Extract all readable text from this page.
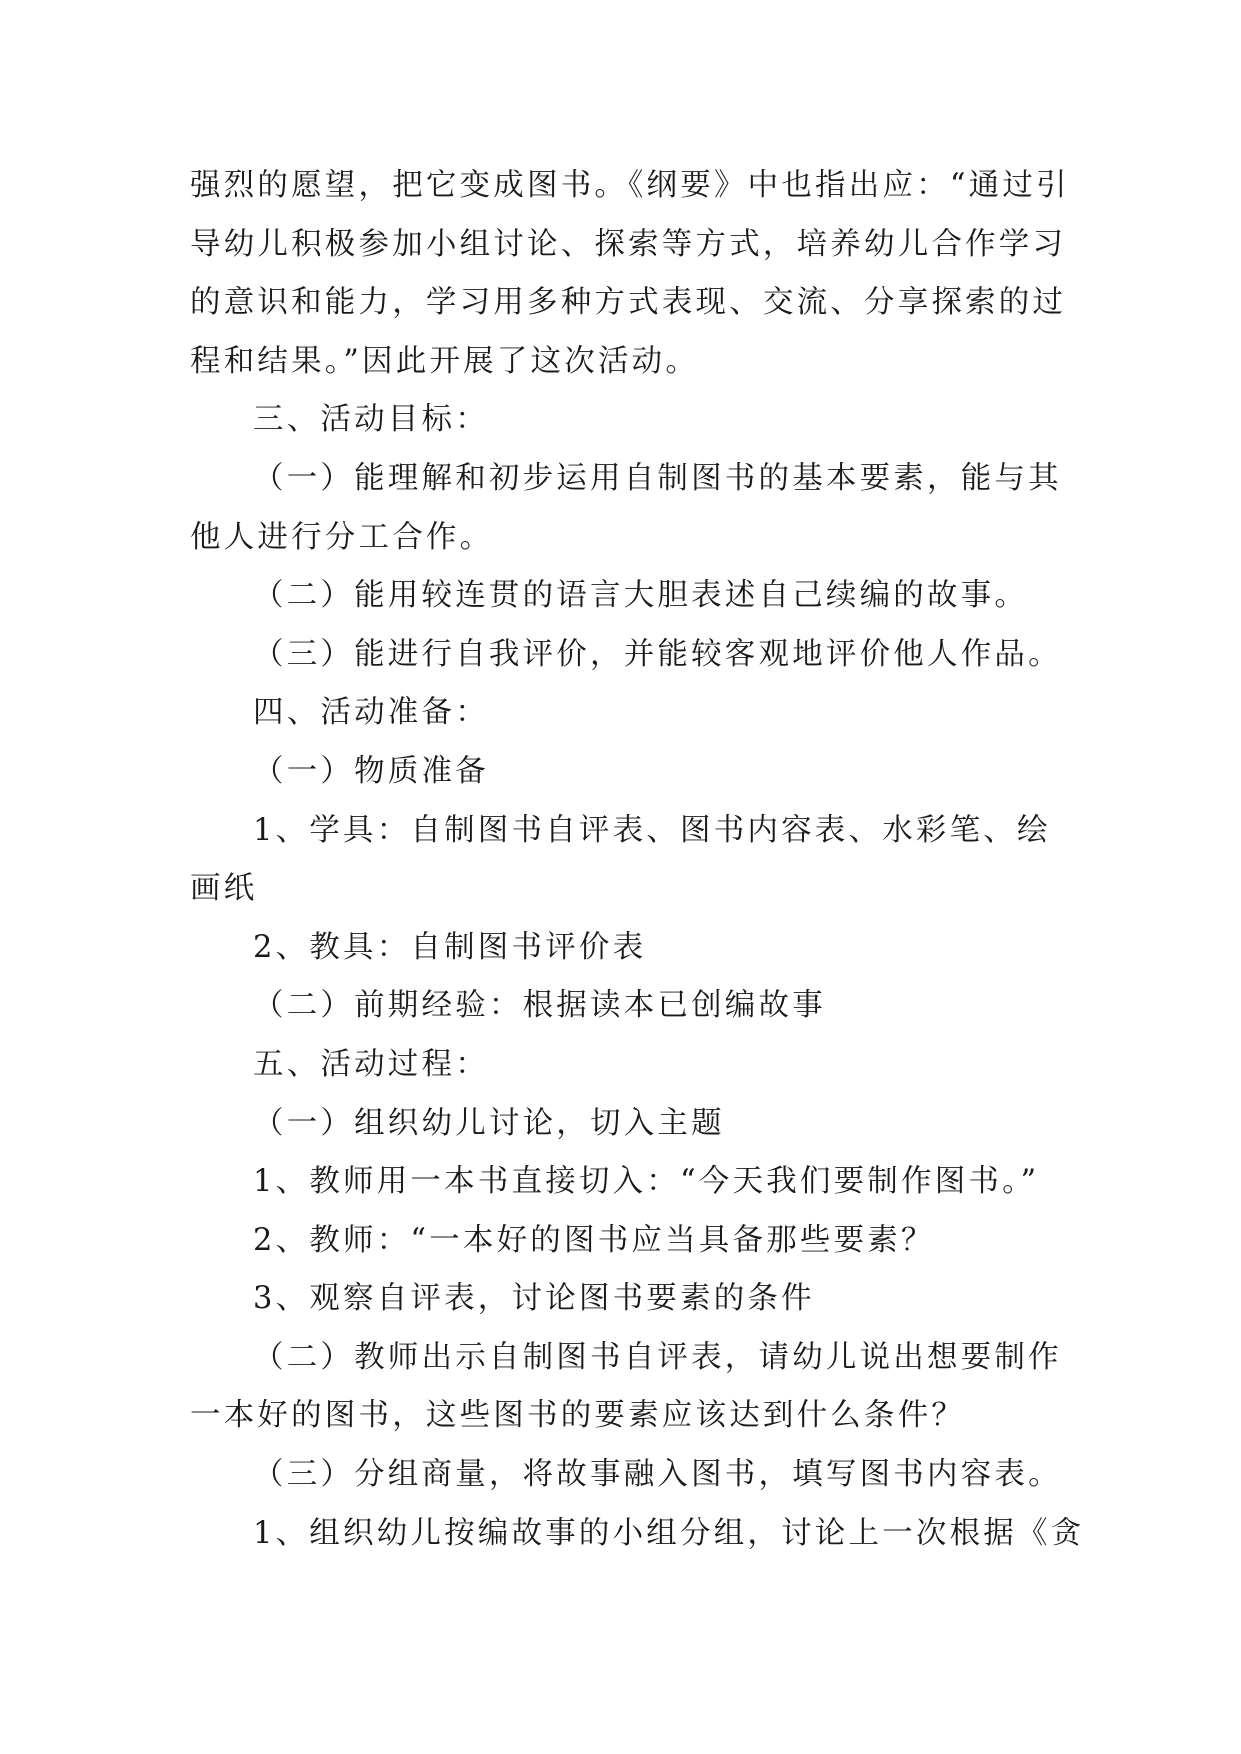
强烈的愿望，把它变成图书。《纲要》中也指出应：“通过引
导幼儿积极参加小组讨论、探索等方式，培养幼儿合作学习
的意识和能力，学习用多种方式表现、交流、分享探索的过
程和结果。”因此开展了这次活动。
三、活动目标：
（一）能理解和初步运用自制图书的基本要素，能与其
他人进行分工合作。
（二）能用较连贯的语言大胆表述自己续编的故事。
（三）能进行自我评价，并能较客观地评价他人作品。
四、活动准备：
（一）物质准备
1、学具：自制图书自评表、图书内容表、水彩笔、绘
画纸
2、教具：自制图书评价表
（二）前期经验：根据读本已创编故事
五、活动过程：
（一）组织幼儿讨论，切入主题
1、教师用一本书直接切入：“今天我们要制作图书。”
2、教师：“一本好的图书应当具备那些要素？
3、观察自评表，讨论图书要素的条件
（二）教师出示自制图书自评表，请幼儿说出想要制作
一本好的图书，这些图书的要素应该达到什么条件？
（三）分组商量，将故事融入图书，填写图书内容表。
1、组织幼儿按编故事的小组分组，讨论上一次根据《贪
